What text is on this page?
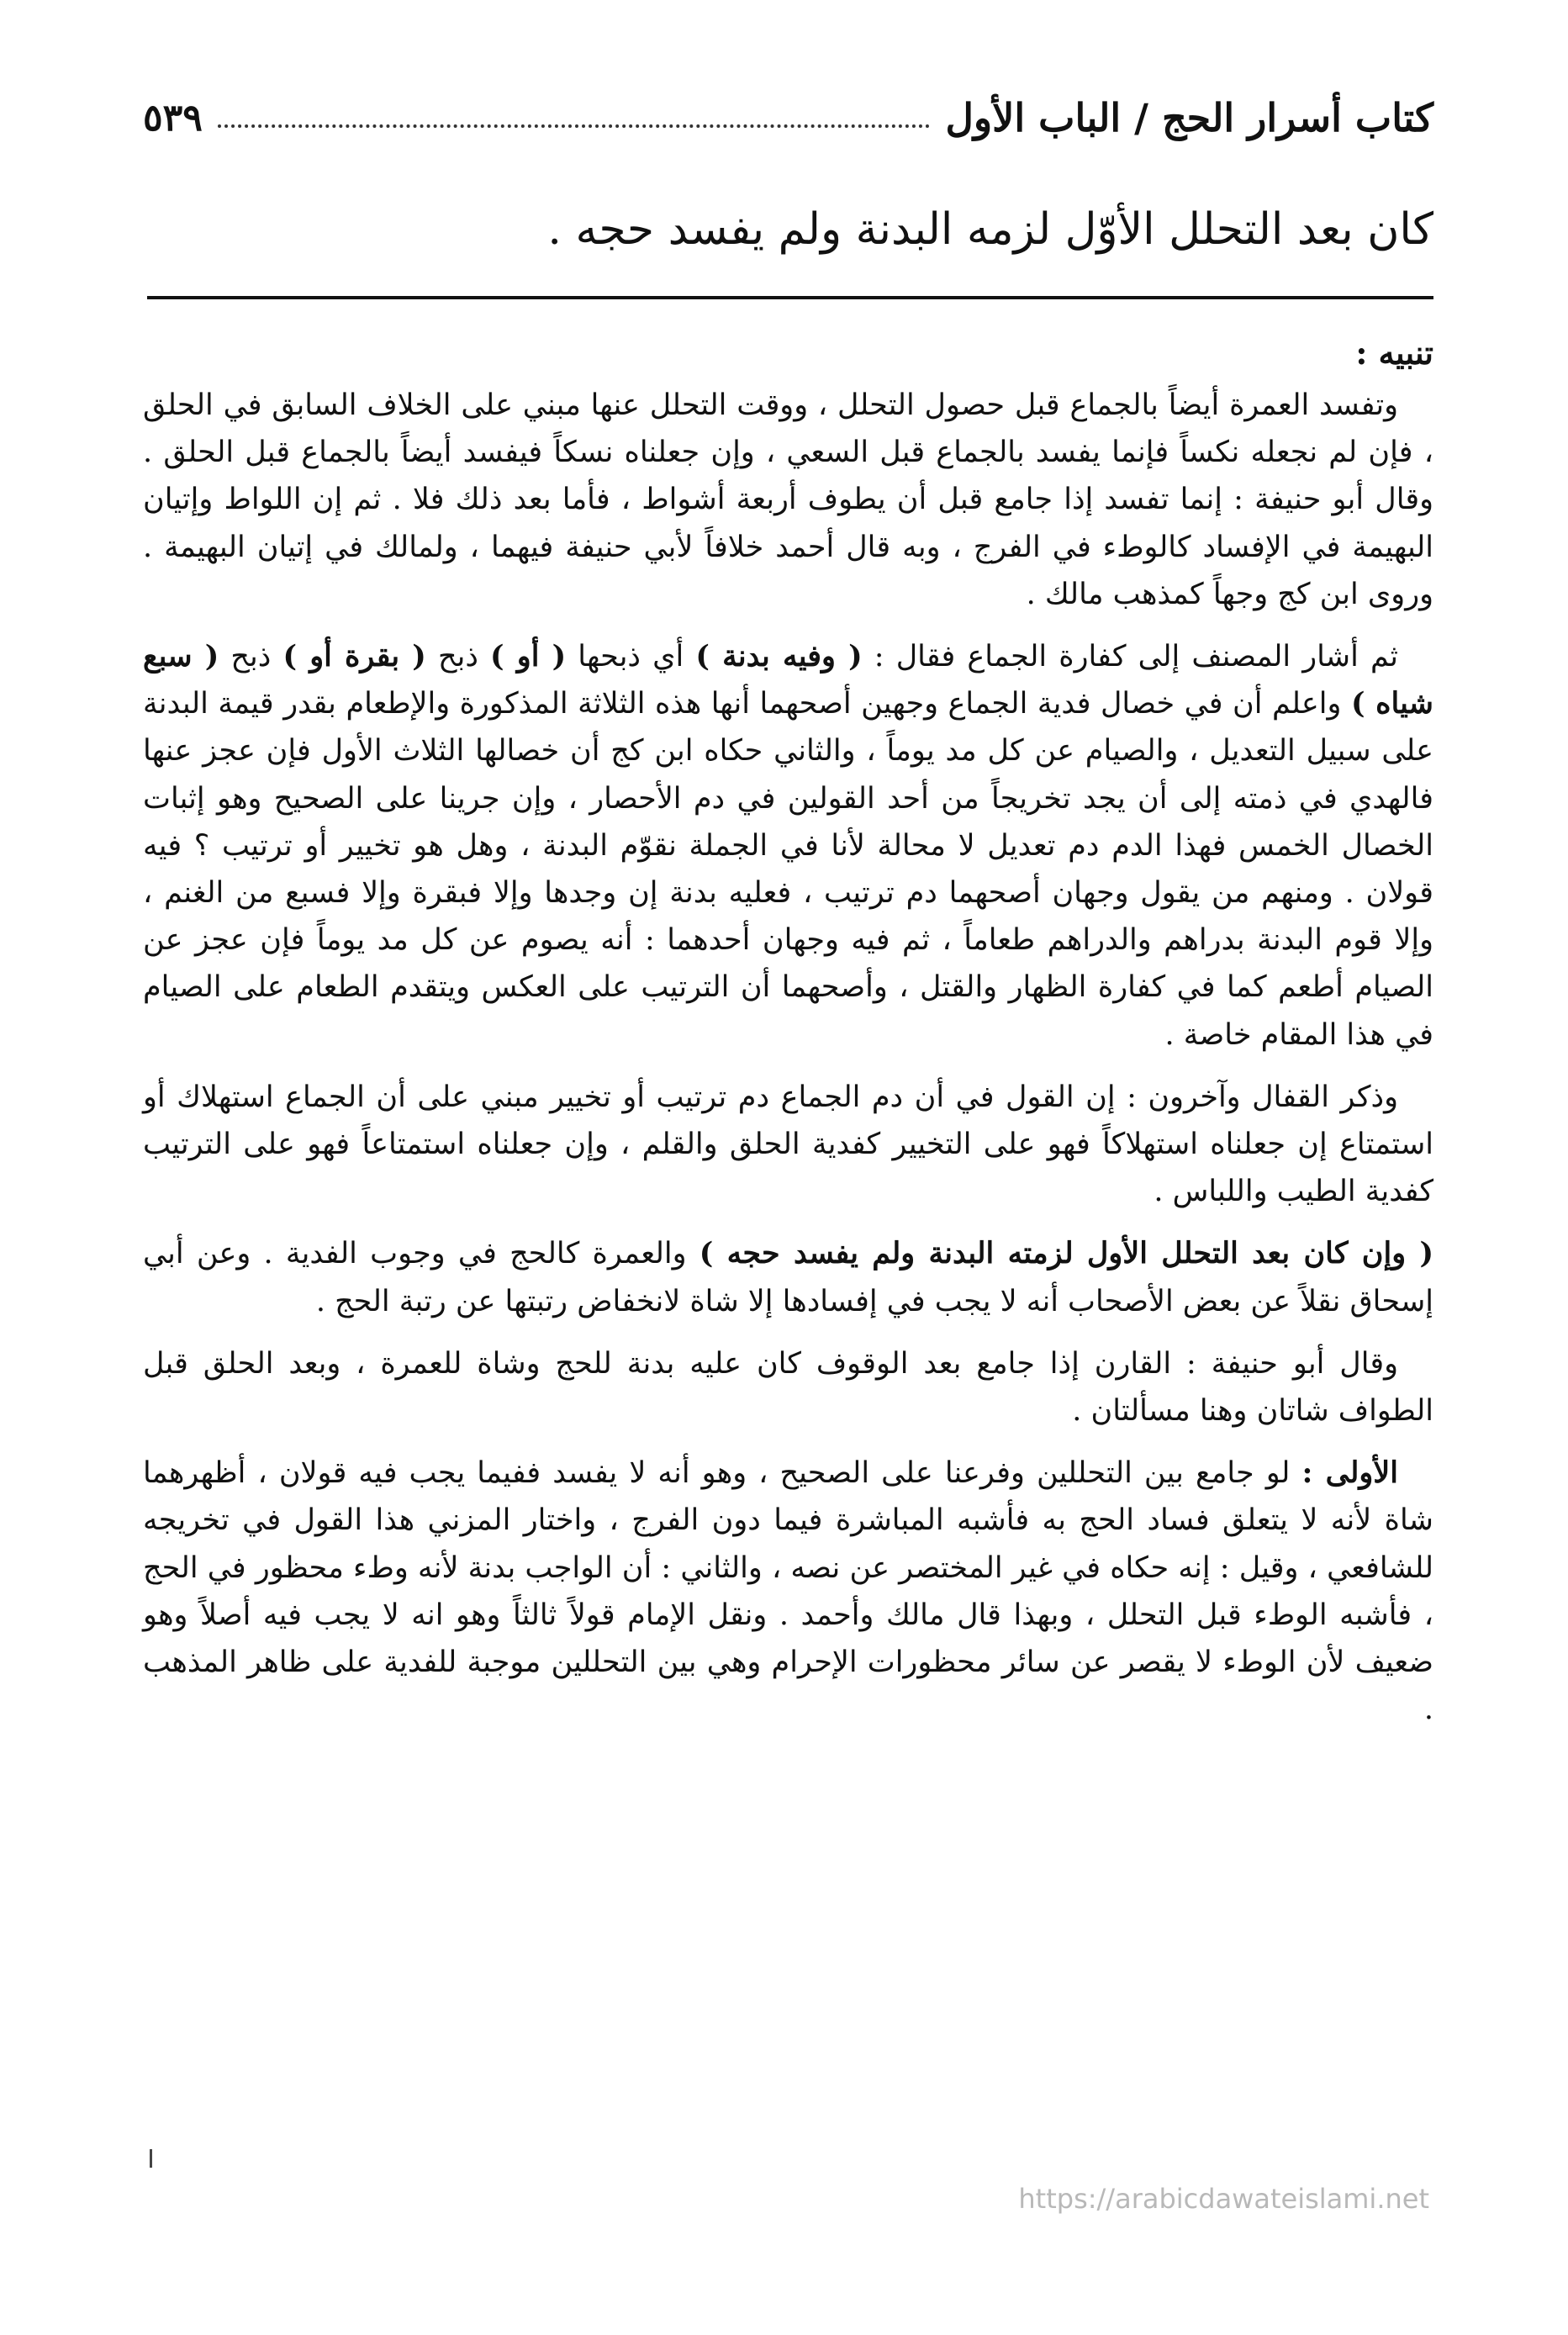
كتاب أسرار الحج / الباب الأول
٥٣٩
كان بعد التحلل الأوّل لزمه البدنة ولم يفسد حجه .
تنبيه :

وتفسد العمرة أيضاً بالجماع قبل حصول التحلل ، ووقت التحلل عنها مبني على الخلاف السابق في الحلق ، فإن لم نجعله نكساً فإنما يفسد بالجماع قبل السعي ، وإن جعلناه نسكاً فيفسد أيضاً بالجماع قبل الحلق . وقال أبو حنيفة : إنما تفسد إذا جامع قبل أن يطوف أربعة أشواط ، فأما بعد ذلك فلا . ثم إن اللواط وإتيان البهيمة في الإفساد كالوطء في الفرج ، وبه قال أحمد خلافاً لأبي حنيفة فيهما ، ولمالك في إتيان البهيمة . وروى ابن كج وجهاً كمذهب مالك .

ثم أشار المصنف إلى كفارة الجماع فقال : ( وفيه بدنة ) أي ذبحها ( أو ) ذبح ( بقرة أو ) ذبح ( سبع شياه ) واعلم أن في خصال فدية الجماع وجهين أصحهما أنها هذه الثلاثة المذكورة والإطعام بقدر قيمة البدنة على سبيل التعديل ، والصيام عن كل مد يوماً ، والثاني حكاه ابن كج أن خصالها الثلاث الأول فإن عجز عنها فالهدي في ذمته إلى أن يجد تخريجاً من أحد القولين في دم الأحصار ، وإن جرينا على الصحيح وهو إثبات الخصال الخمس فهذا الدم دم تعديل لا محالة لأنا في الجملة نقوّم البدنة ، وهل هو تخيير أو ترتيب ؟ فيه قولان . ومنهم من يقول وجهان أصحهما دم ترتيب ، فعليه بدنة إن وجدها وإلا فبقرة وإلا فسبع من الغنم ، وإلا قوم البدنة بدراهم والدراهم طعاماً ، ثم فيه وجهان أحدهما : أنه يصوم عن كل مد يوماً فإن عجز عن الصيام أطعم كما في كفارة الظهار والقتل ، وأصحهما أن الترتيب على العكس ويتقدم الطعام على الصيام في هذا المقام خاصة .

وذكر القفال وآخرون : إن القول في أن دم الجماع دم ترتيب أو تخيير مبني على أن الجماع استهلاك أو استمتاع إن جعلناه استهلاكاً فهو على التخيير كفدية الحلق والقلم ، وإن جعلناه استمتاعاً فهو على الترتيب كفدية الطيب واللباس .

( وإن كان بعد التحلل الأول لزمته البدنة ولم يفسد حجه ) والعمرة كالحج في وجوب الفدية . وعن أبي إسحاق نقلاً عن بعض الأصحاب أنه لا يجب في إفسادها إلا شاة لانخفاض رتبتها عن رتبة الحج .

وقال أبو حنيفة : القارن إذا جامع بعد الوقوف كان عليه بدنة للحج وشاة للعمرة ، وبعد الحلق قبل الطواف شاتان وهنا مسألتان .

الأولى : لو جامع بين التحللين وفرعنا على الصحيح ، وهو أنه لا يفسد ففيما يجب فيه قولان ، أظهرهما شاة لأنه لا يتعلق فساد الحج به فأشبه المباشرة فيما دون الفرج ، واختار المزني هذا القول في تخريجه للشافعي ، وقيل : إنه حكاه في غير المختصر عن نصه ، والثاني : أن الواجب بدنة لأنه وطء محظور في الحج ، فأشبه الوطء قبل التحلل ، وبهذا قال مالك وأحمد . ونقل الإمام قولاً ثالثاً وهو انه لا يجب فيه أصلاً وهو ضعيف لأن الوطء لا يقصر عن سائر محظورات الإحرام وهي بين التحللين موجبة للفدية على ظاهر المذهب .

https://arabicdawateislami.net
